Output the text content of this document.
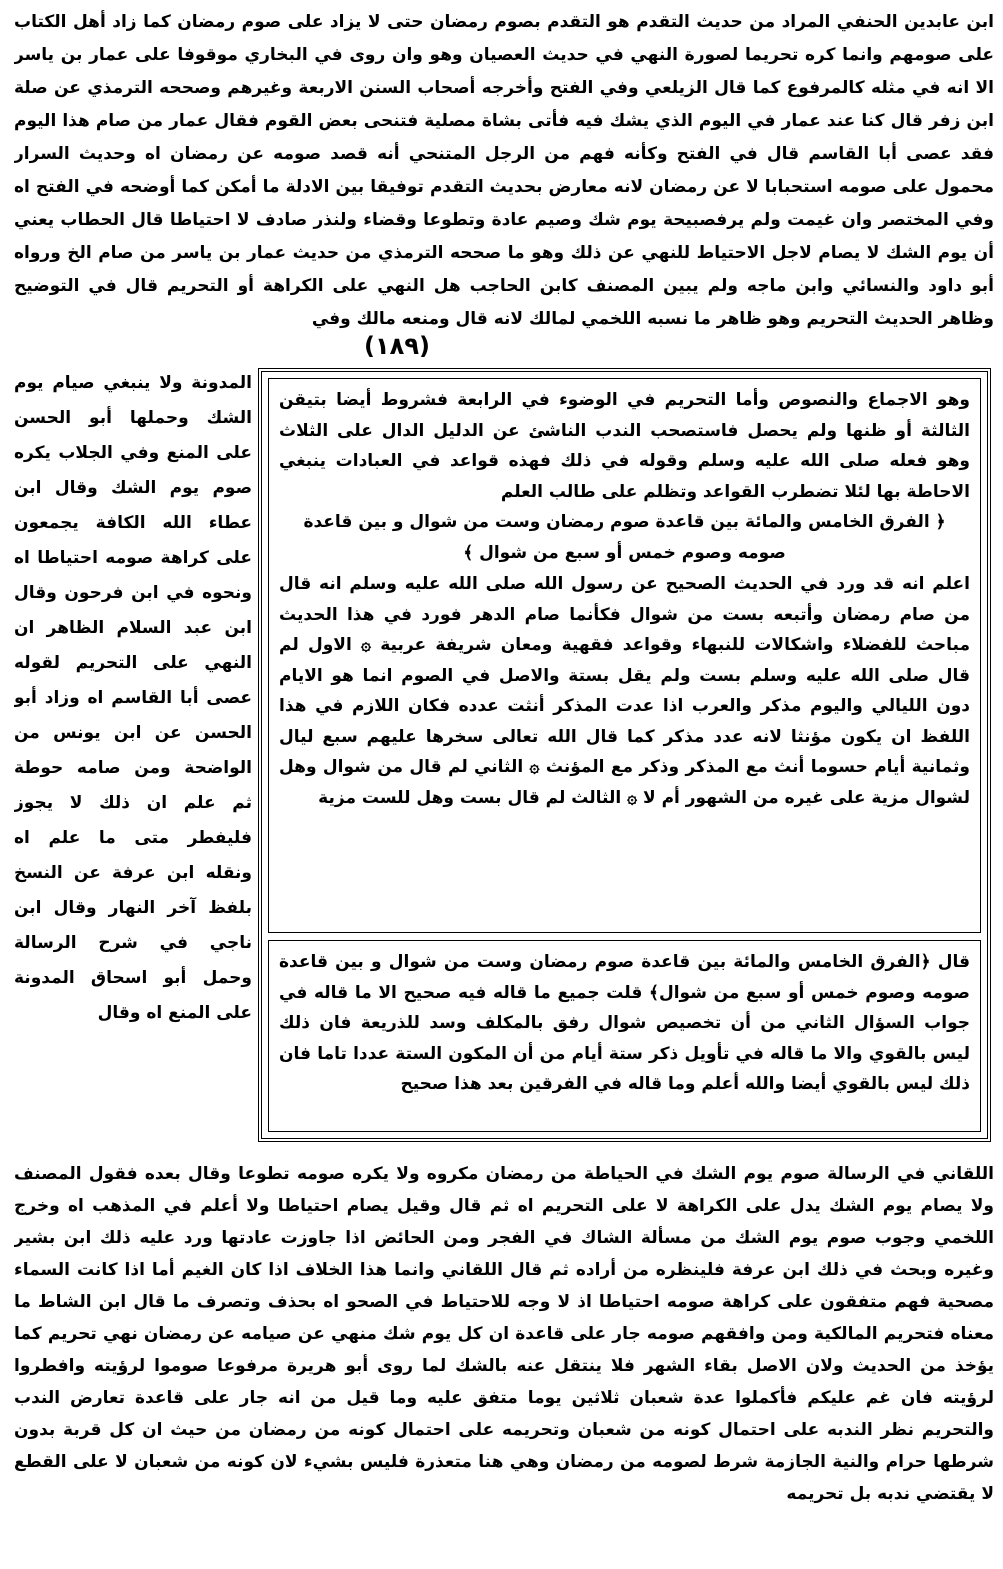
ابن عابدين الحنفي المراد من حديث التقدم هو التقدم بصوم رمضان حتى لا يزاد على صوم رمضان كما زاد أهل الكتاب على صومهم وانما كره تحريما لصورة النهي في حديث العصيان وهو وان روى في البخاري موقوفا على عمار بن ياسر الا انه في مثله كالمرفوع كما قال الزيلعي وفي الفتح وأخرجه أصحاب السنن الاربعة وغيرهم وصححه الترمذي عن صلة ابن زفر قال كنا عند عمار في اليوم الذي يشك فيه فأتى بشاة مصلية فتنحى بعض القوم فقال عمار من صام هذا اليوم فقد عصى أبا القاسم قال في الفتح وكأنه فهم من الرجل المتنحي أنه قصد صومه عن رمضان اه وحديث السرار محمول على صومه استحبابا لا عن رمضان لانه معارض بحديث التقدم توفيقا بين الادلة ما أمكن كما أوضحه في الفتح اه وفي المختصر وان غيمت ولم يرفصبيحة يوم شك وصيم عادة وتطوعا وقضاء ولنذر صادف لا احتياطا قال الحطاب يعني أن يوم الشك لا يصام لاجل الاحتياط للنهي عن ذلك وهو ما صححه الترمذي من حديث عمار بن ياسر من صام الخ ورواه أبو داود والنسائي وابن ماجه ولم يبين المصنف كابن الحاجب هل النهي على الكراهة أو التحريم قال في التوضيح وظاهر الحديث التحريم وهو ظاهر ما نسبه اللخمي لمالك لانه قال ومنعه مالك وفي
(١٨٩)
المدونة ولا ينبغي صيام يوم الشك وحملها أبو الحسن على المنع وفي الجلاب يكره صوم يوم الشك وقال ابن عطاء الله الكافة يجمعون على كراهة صومه احتياطا اه ونحوه في ابن فرحون وقال ابن عبد السلام الظاهر ان النهي على التحريم لقوله عصى أبا القاسم اه وزاد أبو الحسن عن ابن يونس من الواضحة ومن صامه حوطة ثم علم ان ذلك لا يجوز فليفطر متى ما علم اه ونقله ابن عرفة عن النسخ بلفظ آخر النهار وقال ابن ناجي في شرح الرسالة وحمل أبو اسحاق المدونة على المنع اه وقال
وهو الاجماع والنصوص وأما التحريم في الوضوء في الرابعة فشروط أيضا بتيقن الثالثة أو ظنها ولم يحصل فاستصحب الندب الناشئ عن الدليل الدال على الثلاث وهو فعله صلى الله عليه وسلم وقوله في ذلك فهذه قواعد في العبادات ينبغي الاحاطة بها لئلا تضطرب القواعد وتظلم على طالب العلم
﴿ الفرق الخامس والمائة بين قاعدة صوم رمضان وست من شوال و بين قاعدة
صومه وصوم خمس أو سبع من شوال ﴾
اعلم انه قد ورد في الحديث الصحيح عن رسول الله صلى الله عليه وسلم انه قال من صام رمضان وأتبعه بست من شوال فكأنما صام الدهر فورد في هذا الحديث مباحث للفضلاء واشكالات للنبهاء وقواعد فقهية ومعان شريفة عربية ۞ الاول لم قال صلى الله عليه وسلم بست ولم يقل بستة والاصل في الصوم انما هو الايام دون الليالي واليوم مذكر والعرب اذا عدت المذكر أنثت عدده فكان اللازم في هذا اللفظ ان يكون مؤنثا لانه عدد مذكر كما قال الله تعالى سخرها عليهم سبع ليال وثمانية أيام حسوما أنث مع المذكر وذكر مع المؤنث ۞ الثاني لم قال من شوال وهل لشوال مزية على غيره من الشهور أم لا ۞ الثالث لم قال بست وهل للست مزية
قال ﴿الفرق الخامس والمائة بين قاعدة صوم رمضان وست من شوال و بين قاعدة صومه وصوم خمس أو سبع من شوال﴾ قلت جميع ما قاله فيه صحيح الا ما قاله في جواب السؤال الثاني من أن تخصيص شوال رفق بالمكلف وسد للذريعة فان ذلك ليس بالقوي والا ما قاله في تأويل ذكر ستة أيام من أن المكون الستة عددا تاما فان ذلك ليس بالقوي أيضا والله أعلم وما قاله في الفرقين بعد هذا صحيح
اللقاني في الرسالة صوم يوم الشك في الحياطة من رمضان مكروه ولا يكره صومه تطوعا وقال بعده فقول المصنف ولا يصام يوم الشك يدل على الكراهة لا على التحريم اه ثم قال وقيل يصام احتياطا ولا أعلم في المذهب اه وخرج اللخمي وجوب صوم يوم الشك من مسألة الشاك في الفجر ومن الحائض اذا جاوزت عادتها ورد عليه ذلك ابن بشير وغيره وبحث في ذلك ابن عرفة فلينظره من أراده ثم قال اللقاني وانما هذا الخلاف اذا كان الغيم أما اذا كانت السماء مصحية فهم متفقون على كراهة صومه احتياطا اذ لا وجه للاحتياط في الصحو اه بحذف وتصرف ما قال ابن الشاط ما معناه فتحريم المالكية ومن وافقهم صومه جار على قاعدة ان كل يوم شك منهي عن صيامه عن رمضان نهي تحريم كما يؤخذ من الحديث ولان الاصل بقاء الشهر فلا ينتقل عنه بالشك لما روى أبو هريرة مرفوعا صوموا لرؤيته وافطروا لرؤيته فان غم عليكم فأكملوا عدة شعبان ثلاثين يوما متفق عليه وما قيل من انه جار على قاعدة تعارض الندب والتحريم نظر الندبه على احتمال كونه من شعبان وتحريمه على احتمال كونه من رمضان من حيث ان كل قربة بدون شرطها حرام والنية الجازمة شرط لصومه من رمضان وهي هنا متعذرة فليس بشيء لان كونه من شعبان لا على القطع لا يقتضي ندبه بل تحريمه
